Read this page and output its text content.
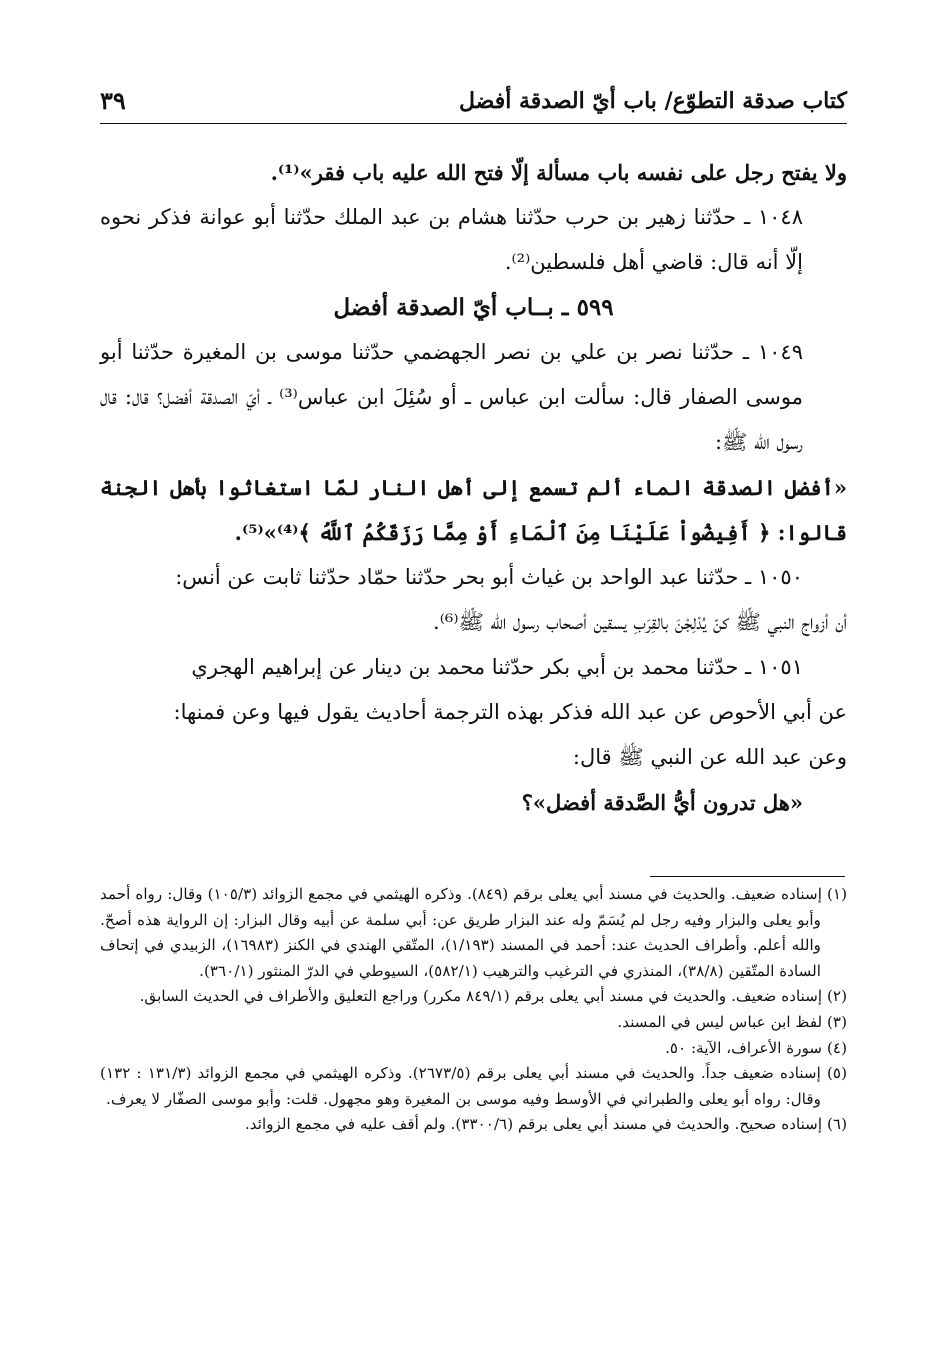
كتاب صدقة التطوّع/ باب أيّ الصدقة أفضل
٣٩

ولا يفتح رجل على نفسه باب مسألة إلّا فتح الله عليه باب فقر»⁽¹⁾.

١٠٤٨ ـ حدّثنا زهير بن حرب حدّثنا هشام بن عبد الملك حدّثنا أبو عوانة فذكر نحوه إلّا أنه قال: قاضي أهل فلسطين⁽²⁾.

٥٩٩ ـ بــاب أيّ الصدقة أفضل

١٠٤٩ ـ حدّثنا نصر بن علي بن نصر الجهضمي حدّثنا موسى بن المغيرة حدّثنا أبو موسى الصفار قال: سألت ابن عباس ـ أو سُئِلَ ابن عباس⁽³⁾ ـ أيّ الصدقة أفضل؟ قال: قال رسول الله ﷺ:

«أفضل الصدقة الماء ألم تسمع إلى أهل النار لمّا استغاثوا بأهل الجنة قالوا: ﴿ أَفِيضُواْ عَلَيْنَا مِنَ ٱلْمَاءِ أَوْ مِمَّا رَزَقَكُمُ ٱللَّهُ ﴾⁽⁴⁾»⁽⁵⁾.

١٠٥٠ ـ حدّثنا عبد الواحد بن غياث أبو بحر حدّثنا حمّاد حدّثنا ثابت عن أنس:

أن أزواج النبي ﷺ كنّ يُدْلِجْنَ بالقِرَبِ يسقين أصحاب رسول الله ﷺ⁽⁶⁾.

١٠٥١ ـ حدّثنا محمد بن أبي بكر حدّثنا محمد بن دينار عن إبراهيم الهجري

عن أبي الأحوص عن عبد الله فذكر بهذه الترجمة أحاديث يقول فيها وعن فمنها:

وعن عبد الله عن النبي ﷺ قال:

«هل تدرون أيُّ الصَّدقة أفضل»؟

(١) إسناده ضعيف. والحديث في مسند أبي يعلى برقم (٨٤٩). وذكره الهيثمي في مجمع الزوائد (١٠٥/٣) وقال: رواه أحمد وأبو يعلى والبزار وفيه رجل لم يُسَمّ وله عند البزار طريق عن: أبي سلمة عن أبيه وقال البزار: إن الرواية هذه أصحّ. والله أعلم. وأطراف الحديث عند: أحمد في المسند (١/١٩٣)، المتّقي الهندي في الكنز (١٦٩٨٣)، الزبيدي في إتحاف السادة المتّقين (٣٨/٨)، المنذري في الترغيب والترهيب (٥٨٢/١)، السيوطي في الدرّ المنثور (٣٦٠/١).

(٢) إسناده ضعيف. والحديث في مسند أبي يعلى برقم (٨٤٩/١ مكرر) وراجع التعليق والأطراف في الحديث السابق.

(٣) لفظ ابن عباس ليس في المسند.

(٤) سورة الأعراف، الآية: ٥٠.

(٥) إسناده ضعيف جداً. والحديث في مسند أبي يعلى برقم (٢٦٧٣/٥). وذكره الهيثمي في مجمع الزوائد (١٣١/٣ : ١٣٢) وقال: رواه أبو يعلى والطبراني في الأوسط وفيه موسى بن المغيرة وهو مجهول. قلت: وأبو موسى الصفّار لا يعرف.

(٦) إسناده صحيح. والحديث في مسند أبي يعلى برقم (٣٣٠٠/٦). ولم أقف عليه في مجمع الزوائد.
